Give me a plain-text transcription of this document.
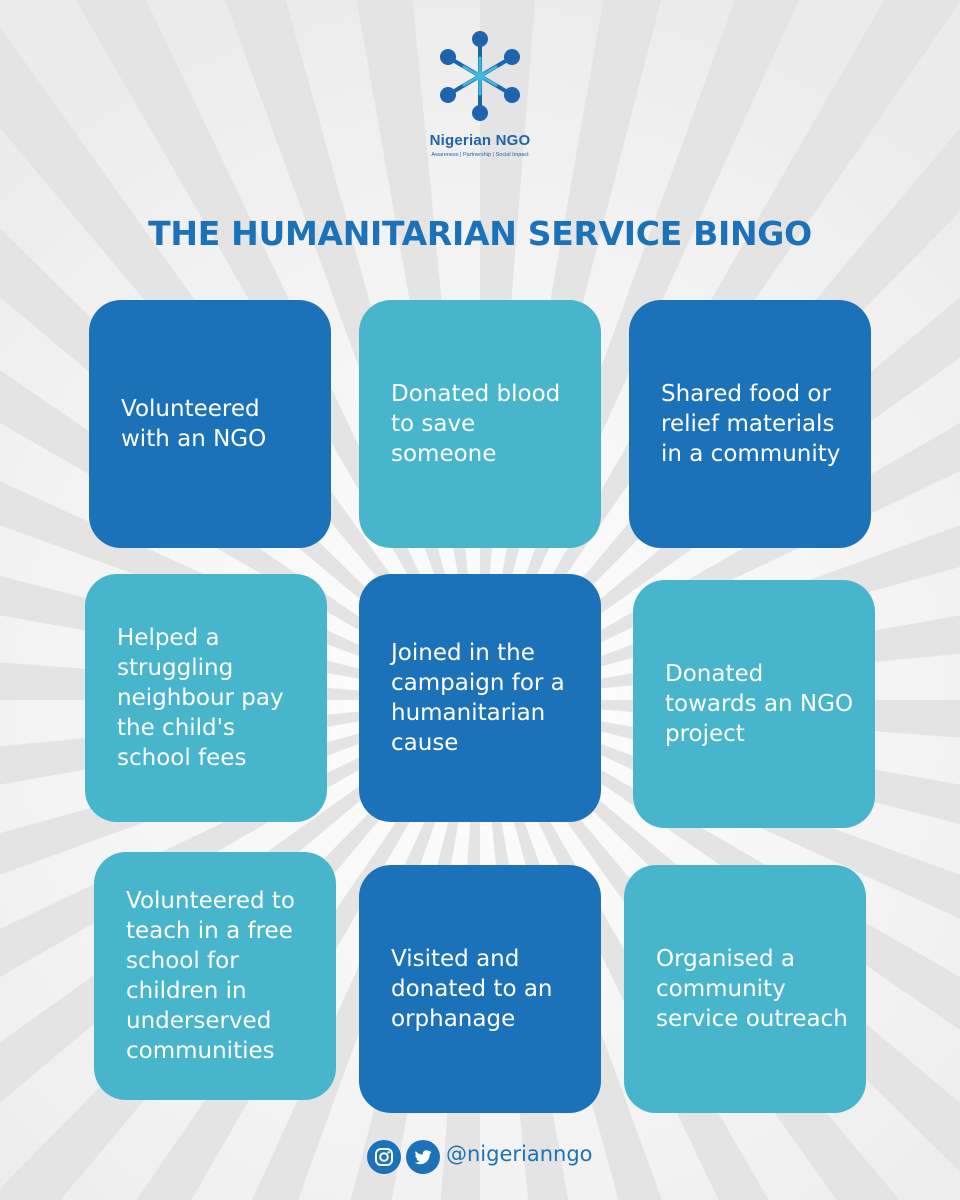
Nigerian NGO
Awareness | Partnership | Social Impact
THE HUMANITARIAN SERVICE BINGO
Volunteered with an NGO
Donated blood to save someone
Shared food or relief materials in a community
Helped a struggling neighbour pay the child's school fees
Joined in the campaign for a humanitarian cause
Donated towards an NGO project
Volunteered to teach in a free school for children in underserved communities
Visited and donated to an orphanage
Organised a community service outreach
@nigerianngo
